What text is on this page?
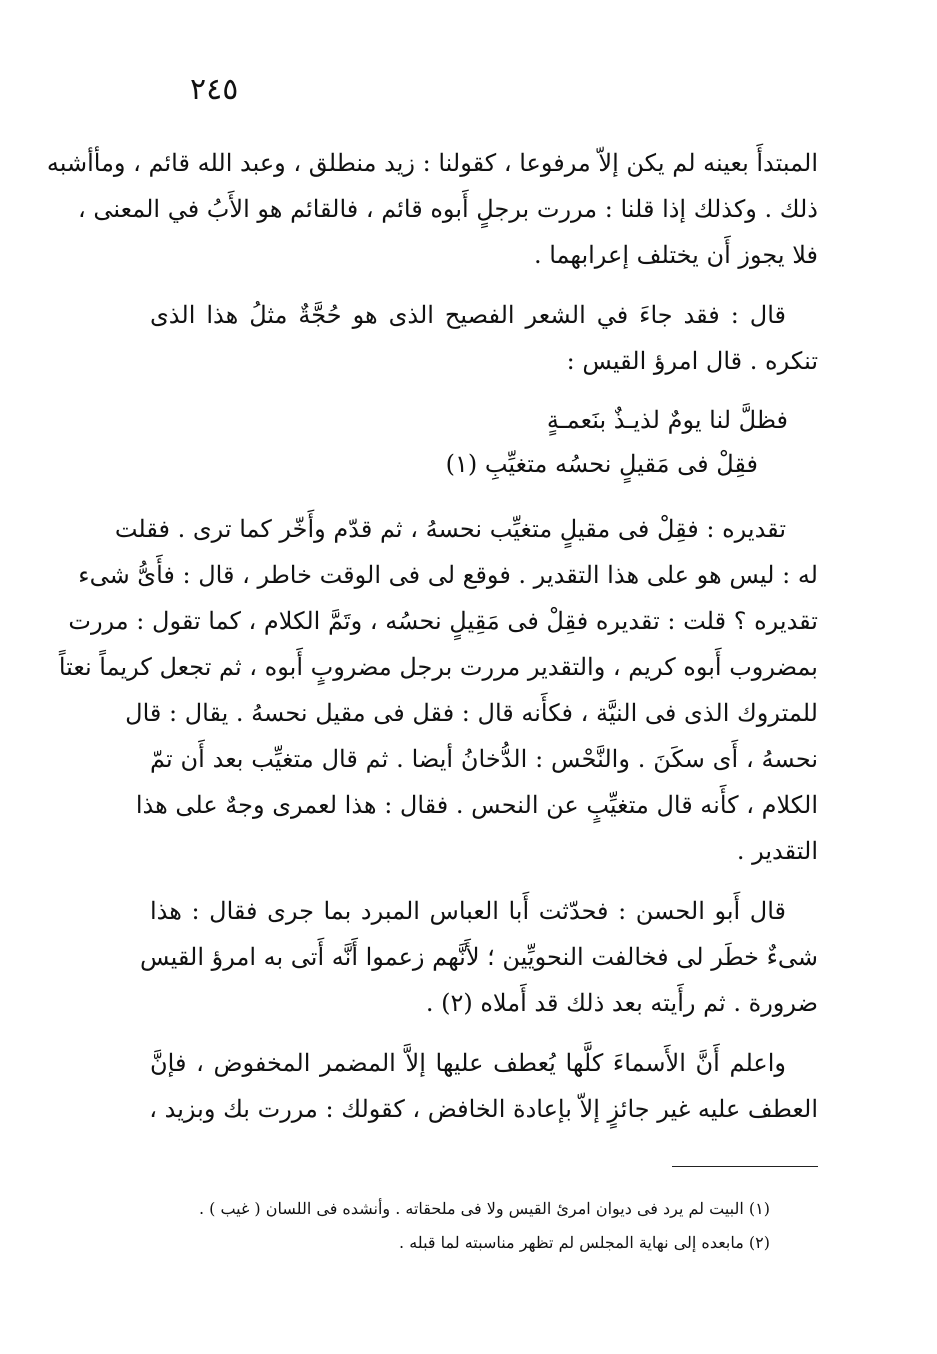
٢٤٥

المبتدأَ بعينه لم يكن إلاّ مرفوعا ، كقولنا : زيد منطلق ، وعبد الله قائم ، ومأأشبه
ذلك . وكذلك إذا قلنا : مررت برجلٍ أَبوه قائم ، فالقائم هو الأَبُ في المعنى ،
فلا يجوز أَن يختلف إعرابهما .

قال : فقد جاءَ في الشعر الفصيح الذى هو حُجَّةٌ مثلُ هذا الذى
تنكره . قال امرؤ القيس :

فظلَّ لنا يومٌ لذيـذٌ بنَعمـةٍ
فقِلْ فى مَقيلٍ نحسُه متغيِّبِ (١)

تقديره : فقِلْ فى مقيلٍ متغيِّب نحسهُ ، ثم قدّم وأَخّر كما ترى . فقلت
له : ليس هو على هذا التقدير . فوقع لى فى الوقت خاطر ، قال : فأَىُّ شىء
تقديره ؟ قلت : تقديره فقِلْ فى مَقِيلٍ نحسُه ، وتَمَّ الكلام ، كما تقول : مررت
بمضروب أَبوه كريم ، والتقدير مررت برجل مضروبٍ أَبوه ، ثم تجعل كريماً نعتاً
للمتروك الذى فى النيَّة ، فكأَنه قال : فقل فى مقيل نحسهُ . يقال : قال
نحسهُ ، أَى سكَنَ . والنَّحْس : الدُّخانُ أيضا . ثم قال متغيِّب بعد أَن تمّ
الكلام ، كأَنه قال متغيِّبٍ عن النحس . فقال : هذا لعمرى وجهٌ على هذا
التقدير .

قال أَبو الحسن : فحدّثت أَبا العباس المبرد بما جرى فقال : هذا
شىءٌ خطَر لى فخالفت النحويِّين ؛ لأَنَّهم زعموا أَنَّه أَتى به امرؤ القيس
ضرورة . ثم رأَيته بعد ذلك قد أَملاه (٢) .

واعلم أَنَّ الأَسماءَ كلَّها يُعطف عليها إلاَّ المضمر المخفوض ، فإنَّ
العطف عليه غير جائزٍ إلاّ بإعادة الخافض ، كقولك : مررت بك وبزيد ،

(١) البيت لم يرد فى ديوان امرئ القيس ولا فى ملحقاته . وأنشده فى اللسان ( غيب ) .
(٢) مابعده إلى نهاية المجلس لم تظهر مناسبته لما قبله .
